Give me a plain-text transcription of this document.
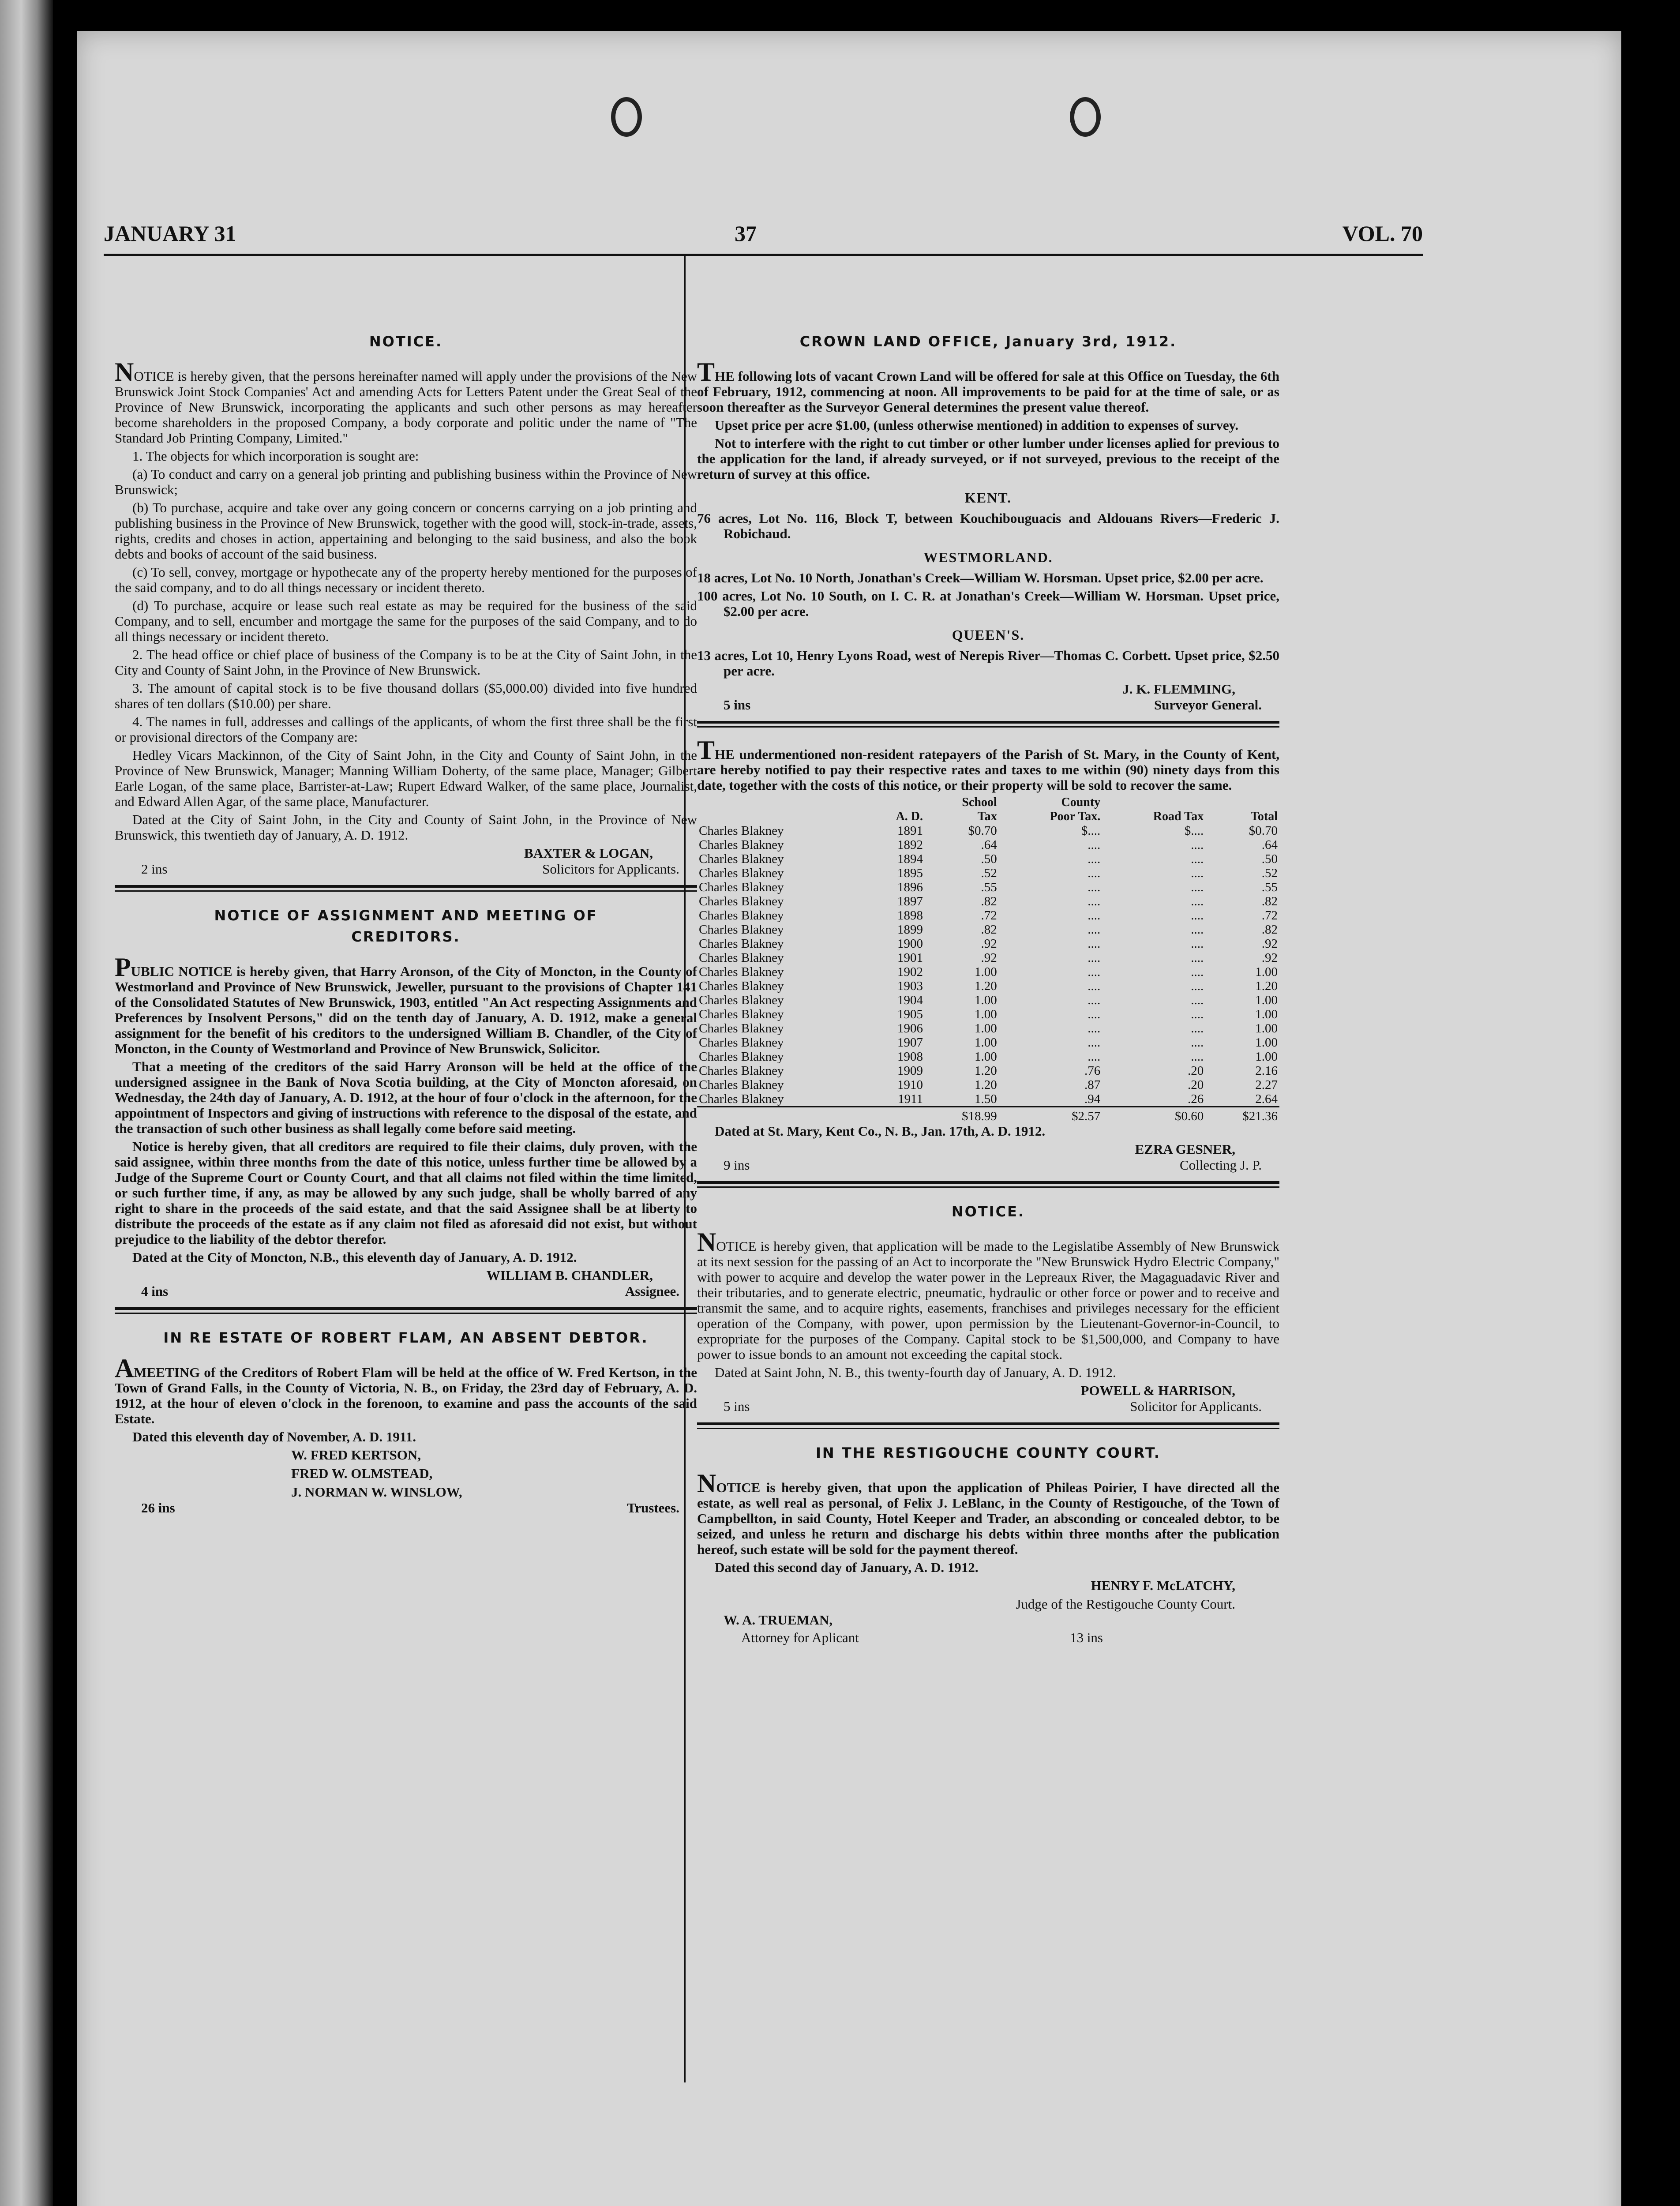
JANUARY 31	37	VOL. 70
NOTICE.

NOTICE is hereby given, that the persons hereinafter named will apply under the provisions of the New Brunswick Joint Stock Companies' Act and amending Acts for Letters Patent under the Great Seal of the Province of New Brunswick, incorporating the applicants and such other persons as may hereafter become shareholders in the proposed Company, a body corporate and politic under the name of "The Standard Job Printing Company, Limited."

1. The objects for which incorporation is sought are:

(a) To conduct and carry on a general job printing and publishing business within the Province of New Brunswick;

(b) To purchase, acquire and take over any going concern or concerns carrying on a job printing and publishing business in the Province of New Brunswick, together with the good will, stock-in-trade, assets, rights, credits and choses in action, appertaining and belonging to the said business, and also the book debts and books of account of the said business.

(c) To sell, convey, mortgage or hypothecate any of the property hereby mentioned for the purposes of the said company, and to do all things necessary or incident thereto.

(d) To purchase, acquire or lease such real estate as may be required for the business of the said Company, and to sell, encumber and mortgage the same for the purposes of the said Company, and to do all things necessary or incident thereto.

2. The head office or chief place of business of the Company is to be at the City of Saint John, in the City and County of Saint John, in the Province of New Brunswick.

3. The amount of capital stock is to be five thousand dollars ($5,000.00) divided into five hundred shares of ten dollars ($10.00) per share.

4. The names in full, addresses and callings of the applicants, of whom the first three shall be the first or provisional directors of the Company are:

Hedley Vicars Mackinnon, of the City of Saint John, in the City and County of Saint John, in the Province of New Brunswick, Manager; Manning William Doherty, of the same place, Manager; Gilbert Earle Logan, of the same place, Barrister-at-Law; Rupert Edward Walker, of the same place, Journalist, and Edward Allen Agar, of the same place, Manufacturer.

Dated at the City of Saint John, in the City and County of Saint John, in the Province of New Brunswick, this twentieth day of January, A. D. 1912.

BAXTER & LOGAN,
2 ins	Solicitors for Applicants.
NOTICE OF ASSIGNMENT AND MEETING OF
CREDITORS.

PUBLIC NOTICE is hereby given, that Harry Aronson, of the City of Moncton, in the County of Westmorland and Province of New Brunswick, Jeweller, pursuant to the provisions of Chapter 141 of the Consolidated Statutes of New Brunswick, 1903, entitled "An Act respecting Assignments and Preferences by Insolvent Persons," did on the tenth day of January, A. D. 1912, make a general assignment for the benefit of his creditors to the undersigned William B. Chandler, of the City of Moncton, in the County of Westmorland and Province of New Brunswick, Solicitor.

That a meeting of the creditors of the said Harry Aronson will be held at the office of the undersigned assignee in the Bank of Nova Scotia building, at the City of Moncton aforesaid, on Wednesday, the 24th day of January, A. D. 1912, at the hour of four o'clock in the afternoon, for the appointment of Inspectors and giving of instructions with reference to the disposal of the estate, and the transaction of such other business as shall legally come before said meeting.

Notice is hereby given, that all creditors are required to file their claims, duly proven, with the said assignee, within three months from the date of this notice, unless further time be allowed by a Judge of the Supreme Court or County Court, and that all claims not filed within the time limited, or such further time, if any, as may be allowed by any such judge, shall be wholly barred of any right to share in the proceeds of the said estate, and that the said Assignee shall be at liberty to distribute the proceeds of the estate as if any claim not filed as aforesaid did not exist, but without prejudice to the liability of the debtor therefor.

Dated at the City of Moncton, N.B., this eleventh day of January, A. D. 1912.

WILLIAM B. CHANDLER,
4 ins	Assignee.
IN RE ESTATE OF ROBERT FLAM, AN ABSENT DEBTOR.

AMEETING of the Creditors of Robert Flam will be held at the office of W. Fred Kertson, in the Town of Grand Falls, in the County of Victoria, N. B., on Friday, the 23rd day of February, A. D. 1912, at the hour of eleven o'clock in the forenoon, to examine and pass the accounts of the said Estate.

Dated this eleventh day of November, A. D. 1911.

W. FRED KERTSON,
FRED W. OLMSTEAD,
J. NORMAN W. WINSLOW,
26 ins	Trustees.
CROWN LAND OFFICE, January 3rd, 1912.

THE following lots of vacant Crown Land will be offered for sale at this Office on Tuesday, the 6th of February, 1912, commencing at noon. All improvements to be paid for at the time of sale, or as soon thereafter as the Surveyor General determines the present value thereof.

Upset price per acre $1.00, (unless otherwise mentioned) in addition to expenses of survey.

Not to interfere with the right to cut timber or other lumber under licenses aplied for previous to the application for the land, if already surveyed, or if not surveyed, previous to the receipt of the return of survey at this office.

KENT.

76 acres, Lot No. 116, Block T, between Kouchibouguacis and Aldouans Rivers—Frederic J. Robichaud.

WESTMORLAND.

18 acres, Lot No. 10 North, Jonathan's Creek—William W. Horsman. Upset price, $2.00 per acre.

100 acres, Lot No. 10 South, on I. C. R. at Jonathan's Creek—William W. Horsman. Upset price, $2.00 per acre.

QUEEN'S.

13 acres, Lot 10, Henry Lyons Road, west of Nerepis River—Thomas C. Corbett. Upset price, $2.50 per acre.

J. K. FLEMMING,
5 ins	Surveyor General.

THE undermentioned non-resident ratepayers of the Parish of St. Mary, in the County of Kent, are hereby notified to pay their respective rates and taxes to me within (90) ninety days from this date, together with the costs of this notice, or their property will be sold to recover the same.

		School	County		
	A. D.	Tax	Poor Tax.	Road Tax	Total
Charles Blakney	1891	$0.70	$....	$....	$0.70
Charles Blakney	1892	.64	....	....	.64
Charles Blakney	1894	.50	....	....	.50
Charles Blakney	1895	.52	....	....	.52
Charles Blakney	1896	.55	....	....	.55
Charles Blakney	1897	.82	....	....	.82
Charles Blakney	1898	.72	....	....	.72
Charles Blakney	1899	.82	....	....	.82
Charles Blakney	1900	.92	....	....	.92
Charles Blakney	1901	.92	....	....	.92
Charles Blakney	1902	1.00	....	....	1.00
Charles Blakney	1903	1.20	....	....	1.20
Charles Blakney	1904	1.00	....	....	1.00
Charles Blakney	1905	1.00	....	....	1.00
Charles Blakney	1906	1.00	....	....	1.00
Charles Blakney	1907	1.00	....	....	1.00
Charles Blakney	1908	1.00	....	....	1.00
Charles Blakney	1909	1.20	.76	.20	2.16
Charles Blakney	1910	1.20	.87	.20	2.27
Charles Blakney	1911	1.50	.94	.26	2.64
		$18.99	$2.57	$0.60	$21.36

Dated at St. Mary, Kent Co., N. B., Jan. 17th, A. D. 1912.

EZRA GESNER,
9 ins	Collecting J. P.
NOTICE.

NOTICE is hereby given, that application will be made to the Legislatibe Assembly of New Brunswick at its next session for the passing of an Act to incorporate the "New Brunswick Hydro Electric Company," with power to acquire and develop the water power in the Lepreaux River, the Magaguadavic River and their tributaries, and to generate electric, pneumatic, hydraulic or other force or power and to receive and transmit the same, and to acquire rights, easements, franchises and privileges necessary for the efficient operation of the Company, with power, upon permission by the Lieutenant-Governor-in-Council, to expropriate for the purposes of the Company. Capital stock to be $1,500,000, and Company to have power to issue bonds to an amount not exceeding the capital stock.

Dated at Saint John, N. B., this twenty-fourth day of January, A. D. 1912.

POWELL & HARRISON,
5 ins	Solicitor for Applicants.
IN THE RESTIGOUCHE COUNTY COURT.

NOTICE is hereby given, that upon the application of Phileas Poirier, I have directed all the estate, as well real as personal, of Felix J. LeBlanc, in the County of Restigouche, of the Town of Campbellton, in said County, Hotel Keeper and Trader, an absconding or concealed debtor, to be seized, and unless he return and discharge his debts within three months after the publication hereof, such estate will be sold for the payment thereof.

Dated this second day of January, A. D. 1912.

HENRY F. McLATCHY,
Judge of the Restigouche County Court.
W. A. TRUEMAN,
Attorney for Aplicant	13 ins
